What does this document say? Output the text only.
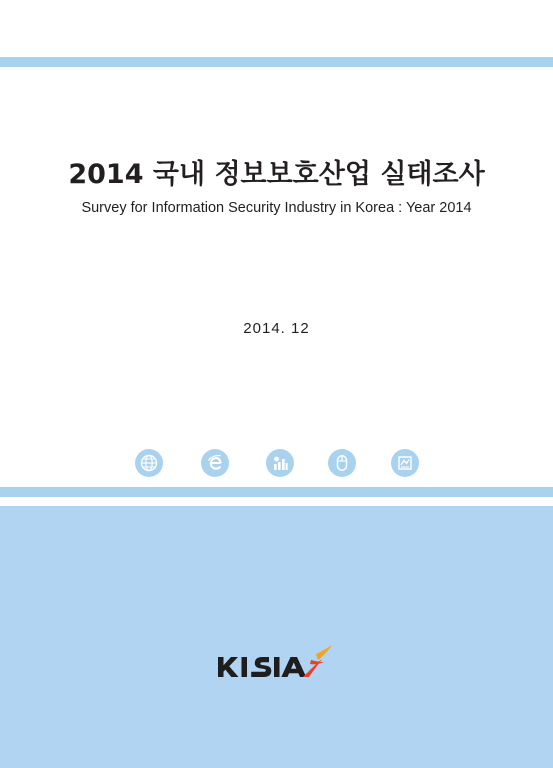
2014 국내 정보보호산업 실태조사
Survey for Information Security Industry in Korea : Year 2014
2014. 12
